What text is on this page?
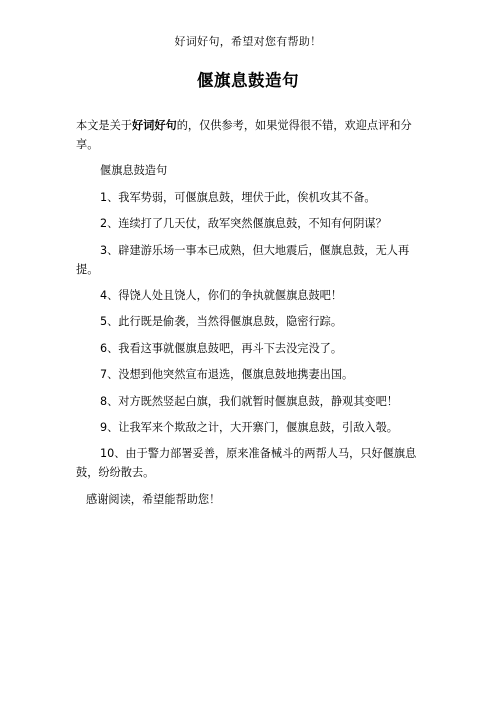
好词好句，希望对您有帮助！
偃旗息鼓造句

本文是关于好词好句的，仅供参考，如果觉得很不错，欢迎点评和分享。

偃旗息鼓造句

1、我军势弱，可偃旗息鼓，埋伏于此，俟机攻其不备。

2、连续打了几天仗，敌军突然偃旗息鼓，不知有何阴谋？

3、辟建游乐场一事本已成熟，但大地震后，偃旗息鼓，无人再提。

4、得饶人处且饶人，你们的争执就偃旗息鼓吧！

5、此行既是偷袭，当然得偃旗息鼓，隐密行踪。

6、我看这事就偃旗息鼓吧，再斗下去没完没了。

7、没想到他突然宣布退选，偃旗息鼓地携妻出国。

8、对方既然竖起白旗，我们就暂时偃旗息鼓，静观其变吧！

9、让我军来个欺敌之计，大开寨门，偃旗息鼓，引敌入彀。

10、由于警力部署妥善，原来准备械斗的两帮人马，只好偃旗息鼓，纷纷散去。

感谢阅读，希望能帮助您！
